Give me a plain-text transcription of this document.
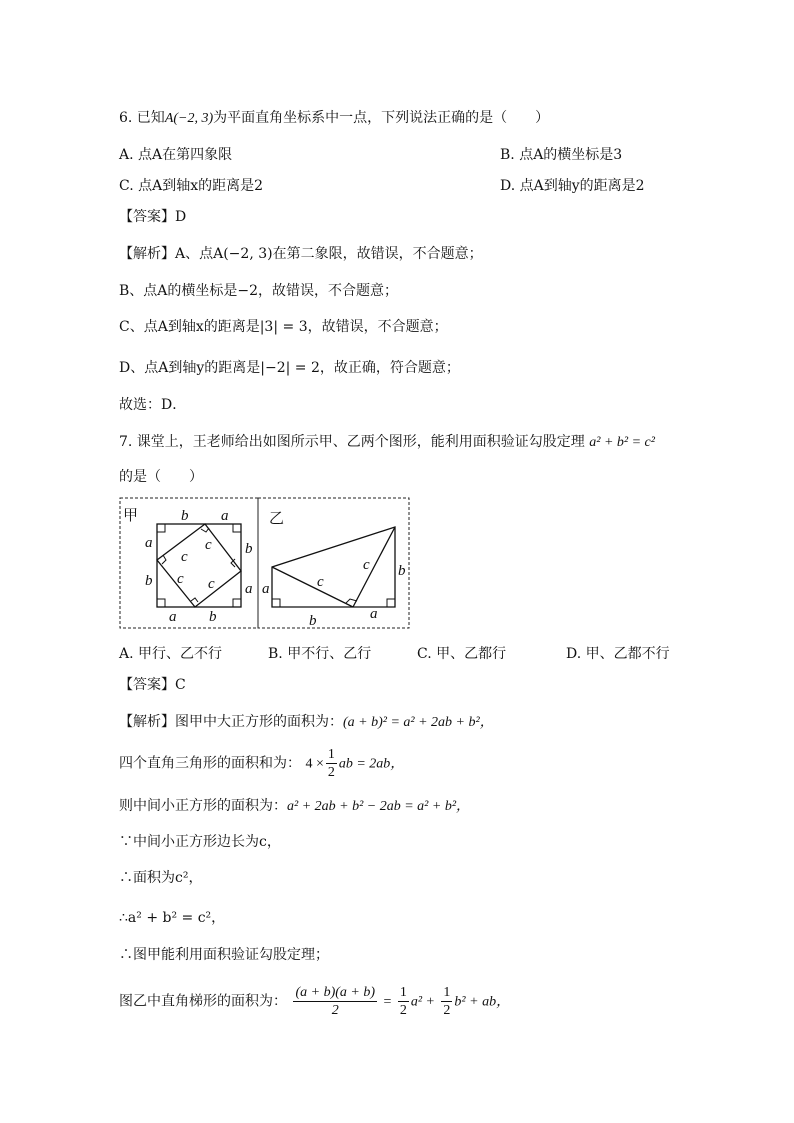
6. 已知A(−2, 3)为平面直角坐标系中一点，下列说法正确的是（　　）
A. 点A在第四象限	B. 点A的横坐标是3
C. 点A到轴x的距离是2	D. 点A到轴y的距离是2
【答案】D
【解析】A、点A(−2, 3)在第二象限，故错误，不合题意；
B、点A的横坐标是−2，故错误，不合题意；
C、点A到轴x的距离是|3| = 3，故错误，不合题意；
D、点A到轴y的距离是|−2| = 2，故正确，符合题意；
故选：D．
7. 课堂上，王老师给出如图所示甲、乙两个图形，能利用面积验证勾股定理 a² + b² = c²
的是（　　）
甲	b a
a
b
b
a
a b
c
c
c c
乙
a
b	a
b
c
c
A. 甲行、乙不行	B. 甲不行、乙行	C. 甲、乙都行	D. 甲、乙都不行
【答案】C
【解析】图甲中大正方形的面积为：(a + b)² = a² + 2ab + b²，
四个直角三角形的面积和为： $4 \times \frac{1}{2}$ ab = 2ab，
则中间小正方形的面积为：a² + 2ab + b² − 2ab = a² + b²，
∵中间小正方形边长为c，
∴面积为c²，
∴a² + b² = c²，
∴图甲能利用面积验证勾股定理；
图乙中直角梯形的面积为： $\frac{(a + b)(a + b)}{2} = \frac{1}{2} a^2 + \frac{1}{2} b^2$ + ab，
